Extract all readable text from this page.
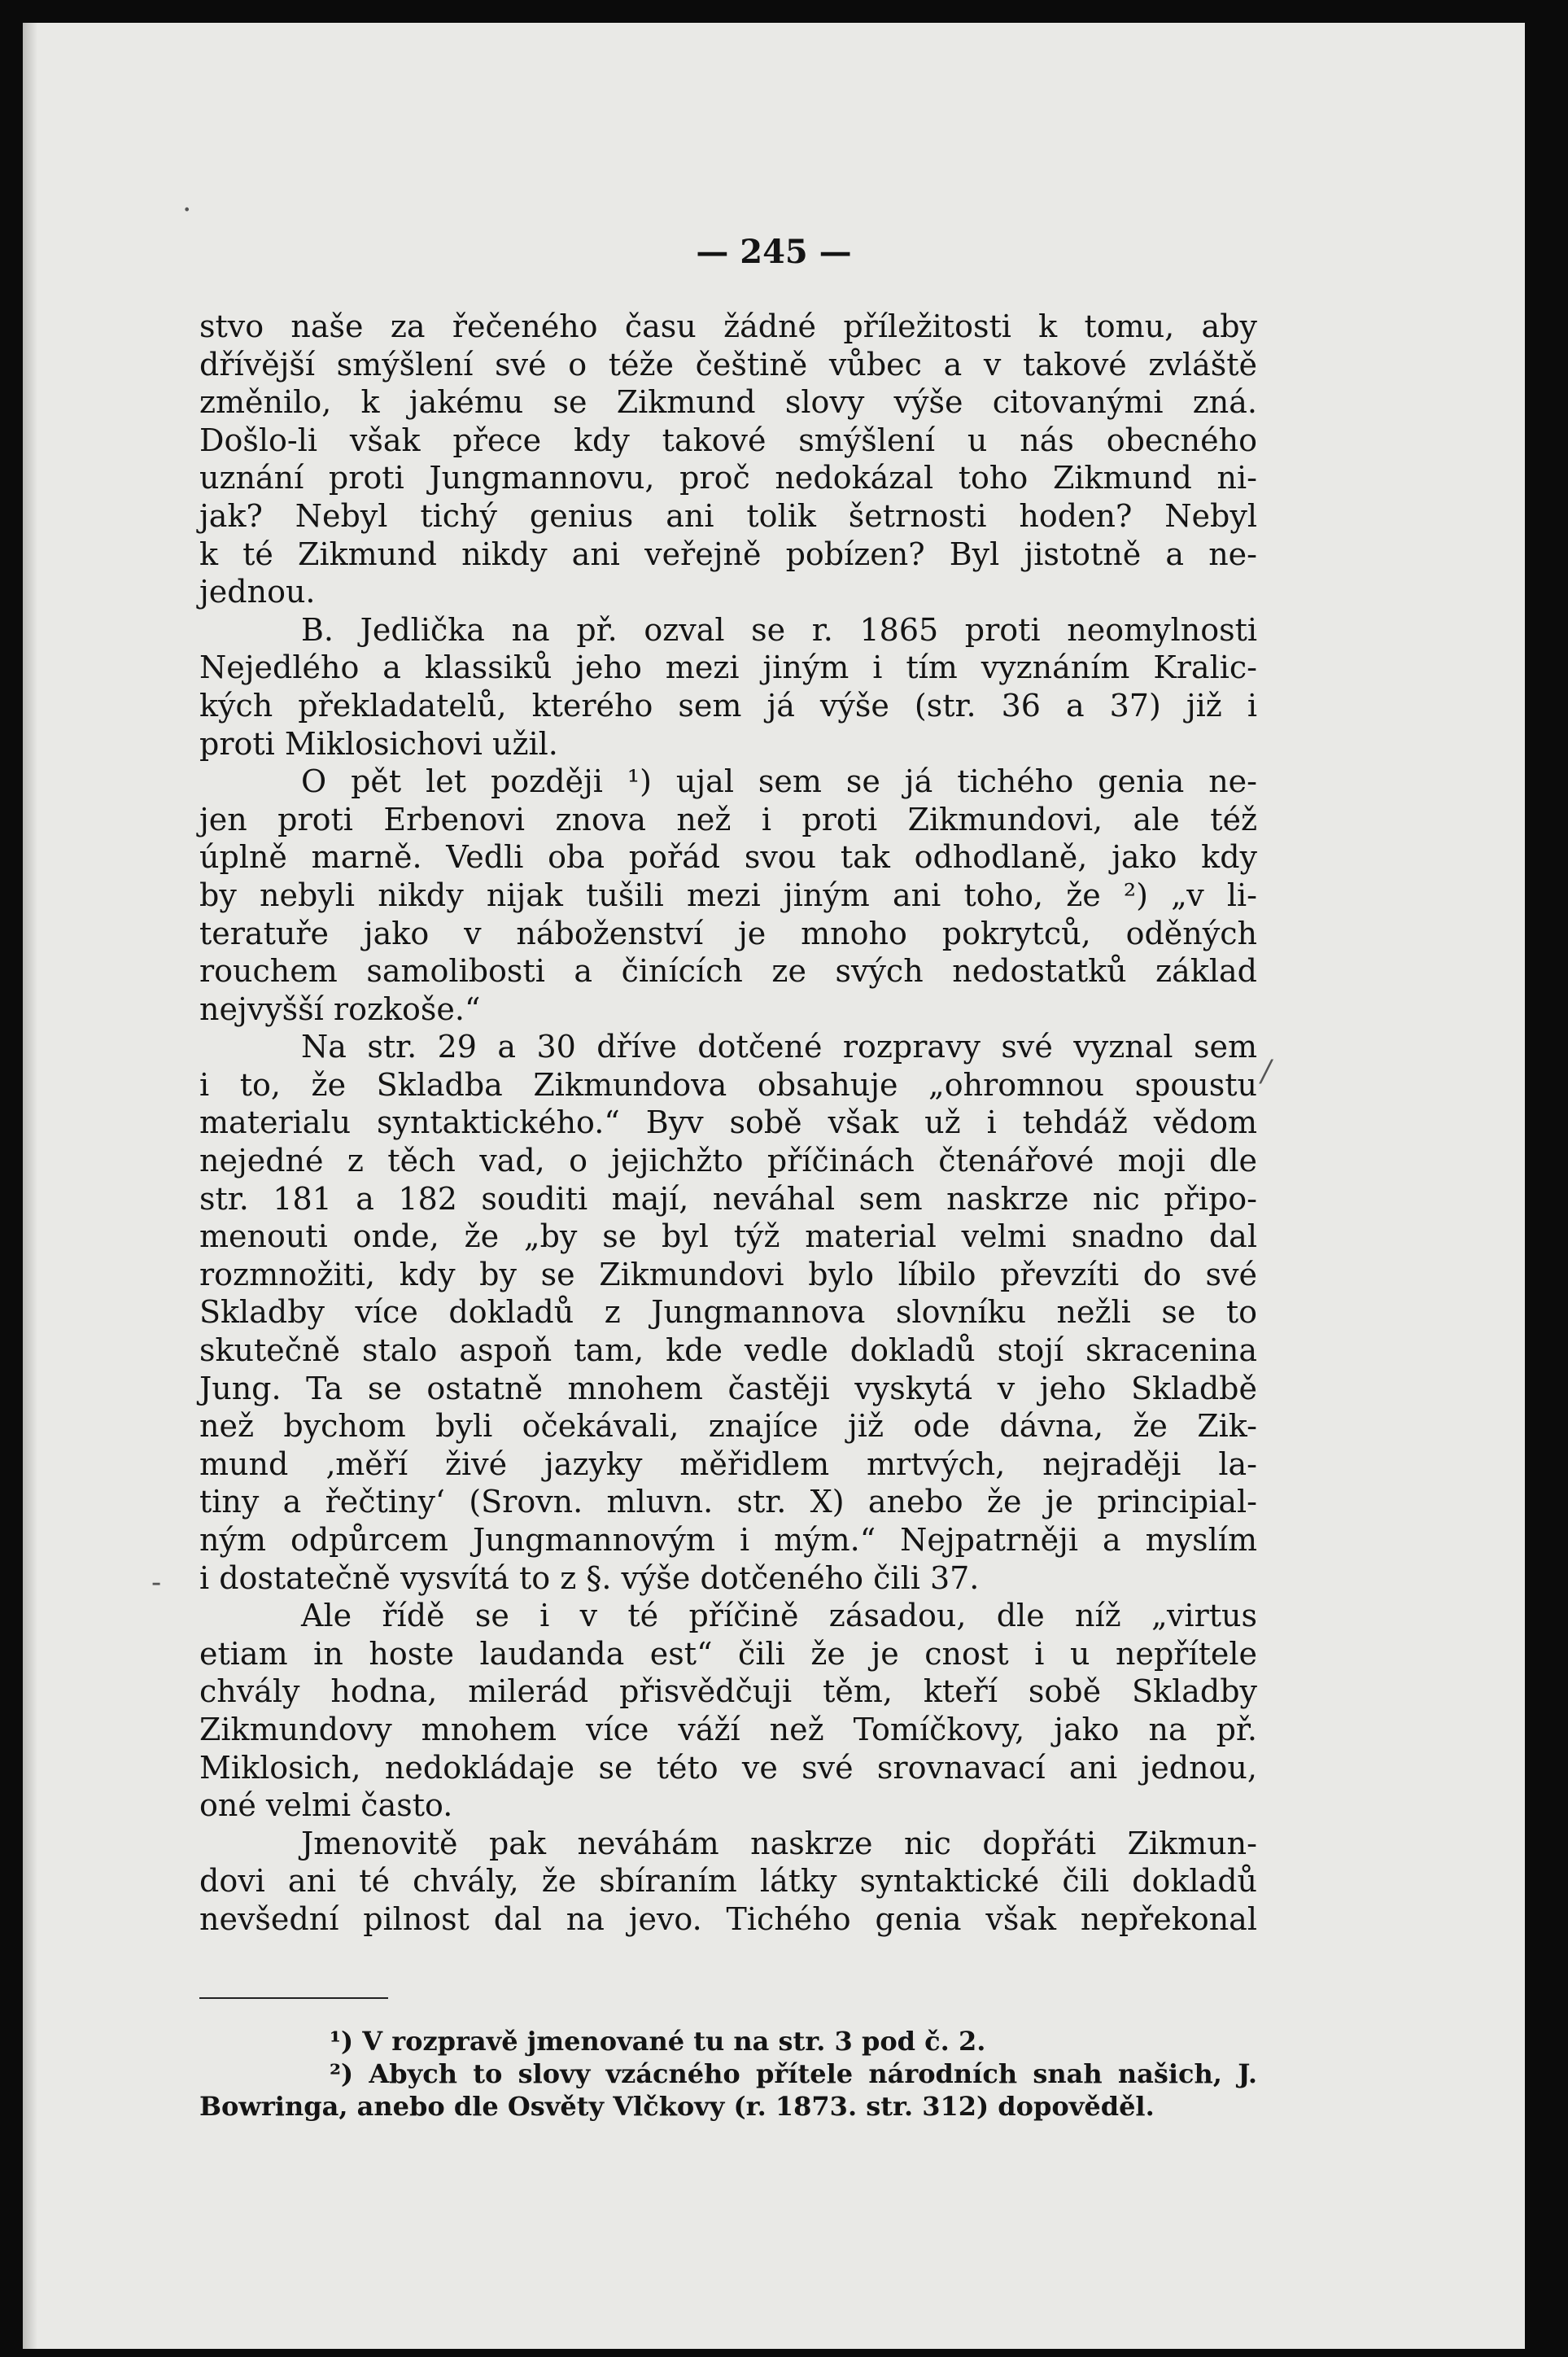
— 245 —
stvo naše za řečeného času žádné příležitosti k tomu, aby
dřívější smýšlení své o téže češtině vůbec a v takové zvláště
změnilo, k jakému se Zikmund slovy výše citovanými zná.
Došlo-li však přece kdy takové smýšlení u nás obecného
uznání proti Jungmannovu, proč nedokázal toho Zikmund ni-
jak? Nebyl tichý genius ani tolik šetrnosti hoden? Nebyl
k té Zikmund nikdy ani veřejně pobízen? Byl jistotně a ne-
jednou.
B. Jedlička na př. ozval se r. 1865 proti neomylnosti
Nejedlého a klassiků jeho mezi jiným i tím vyznáním Kralic-
kých překladatelů, kterého sem já výše (str. 36 a 37) již i
proti Miklosichovi užil.
O pět let později ¹) ujal sem se já tichého genia ne-
jen proti Erbenovi znova než i proti Zikmundovi, ale též
úplně marně. Vedli oba pořád svou tak odhodlaně, jako kdy
by nebyli nikdy nijak tušili mezi jiným ani toho, že ²) „v li-
teratuře jako v náboženství je mnoho pokrytců, oděných
rouchem samolibosti a činících ze svých nedostatků základ
nejvyšší rozkoše.“
Na str. 29 a 30 dříve dotčené rozpravy své vyznal sem
i to, že Skladba Zikmundova obsahuje „ohromnou spoustu
materialu syntaktického.“ Byv sobě však už i tehdáž vědom
nejedné z těch vad, o jejichžto příčinách čtenářové moji dle
str. 181 a 182 souditi mají, neváhal sem naskrze nic připo-
menouti onde, že „by se byl týž material velmi snadno dal
rozmnožiti, kdy by se Zikmundovi bylo líbilo převzíti do své
Skladby více dokladů z Jungmannova slovníku nežli se to
skutečně stalo aspoň tam, kde vedle dokladů stojí skracenina
Jung. Ta se ostatně mnohem častěji vyskytá v jeho Skladbě
než bychom byli očekávali, znajíce již ode dávna, že Zik-
mund ‚měří živé jazyky měřidlem mrtvých, nejraději la-
tiny a řečtiny‘ (Srovn. mluvn. str. X) anebo že je principial-
ným odpůrcem Jungmannovým i mým.“ Nejpatrněji a myslím
i dostatečně vysvítá to z §. výše dotčeného čili 37.
Ale řídě se i v té příčině zásadou, dle níž „virtus
etiam in hoste laudanda est“ čili že je cnost i u nepřítele
chvály hodna, milerád přisvědčuji těm, kteří sobě Skladby
Zikmundovy mnohem více váží než Tomíčkovy, jako na př.
Miklosich, nedokládaje se této ve své srovnavací ani jednou,
oné velmi často.
Jmenovitě pak neváhám naskrze nic dopřáti Zikmun-
dovi ani té chvály, že sbíraním látky syntaktické čili dokladů
nevšední pilnost dal na jevo. Tichého genia však nepřekonal
¹) V rozpravě jmenované tu na str. 3 pod č. 2.
²) Abych to slovy vzácného přítele národních snah našich, J.
Bowringa, anebo dle Osvěty Vlčkovy (r. 1873. str. 312) dopověděl.
·
/
-
